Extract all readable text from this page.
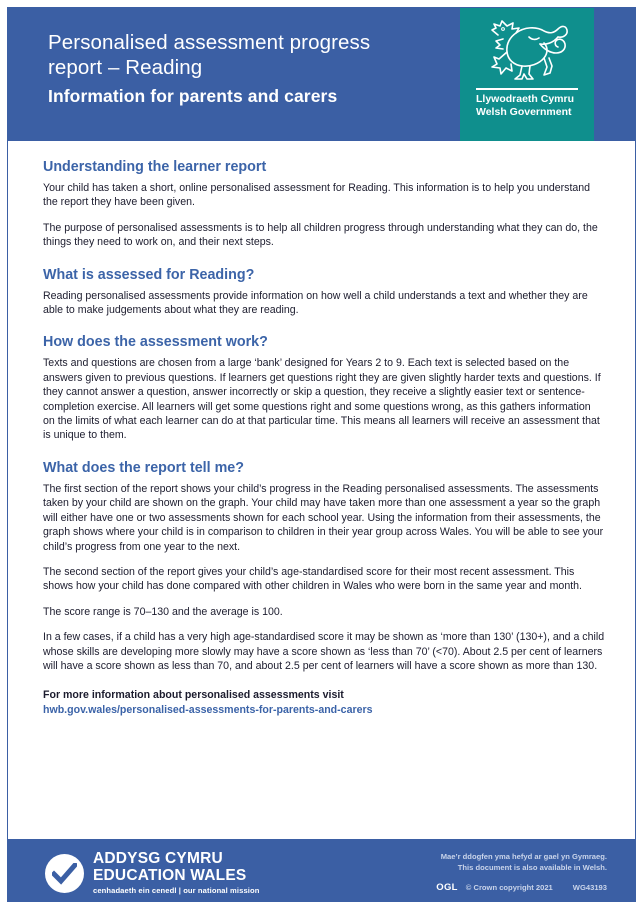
Personalised assessment progress
report – Reading
Information for parents and carers	Llywodraeth Cymru
Welsh Government
Understanding the learner report

Your child has taken a short, online personalised assessment for Reading. This information is to help you understand the report they have been given.

The purpose of personalised assessments is to help all children progress through understanding what they can do, the things they need to work on, and their next steps.

What is assessed for Reading?

Reading personalised assessments provide information on how well a child understands a text and whether they are able to make judgements about what they are reading.

How does the assessment work?

Texts and questions are chosen from a large ‘bank’ designed for Years 2 to 9. Each text is selected based on the answers given to previous questions. If learners get questions right they are given slightly harder texts and questions. If they cannot answer a question, answer incorrectly or skip a question, they receive a slightly easier text or sentence-completion exercise. All learners will get some questions right and some questions wrong, as this gathers information on the limits of what each learner can do at that particular time. This means all learners will receive an assessment that is unique to them.

What does the report tell me?

The first section of the report shows your child’s progress in the Reading personalised assessments. The assessments taken by your child are shown on the graph. Your child may have taken more than one assessment a year so the graph will either have one or two assessments shown for each school year. Using the information from their assessments, the graph shows where your child is in comparison to children in their year group across Wales. You will be able to see your child’s progress from one year to the next.

The second section of the report gives your child’s age-standardised score for their most recent assessment. This shows how your child has done compared with other children in Wales who were born in the same year and month.

The score range is 70–130 and the average is 100.

In a few cases, if a child has a very high age-standardised score it may be shown as ‘more than 130’ (130+), and a child whose skills are developing more slowly may have a score shown as ‘less than 70’ (<70). About 2.5 per cent of learners will have a score shown as less than 70, and about 2.5 per cent of learners will have a score shown as more than 130.

For more information about personalised assessments visit
hwb.gov.wales/personalised-assessments-for-parents-and-carers
ADDYSG CYMRU
EDUCATION WALES
cenhadaeth ein cenedl | our national mission
Mae’r ddogfen yma hefyd ar gael yn Gymraeg.
This document is also available in Welsh.
OGL © Crown copyright 2021	WG43193
